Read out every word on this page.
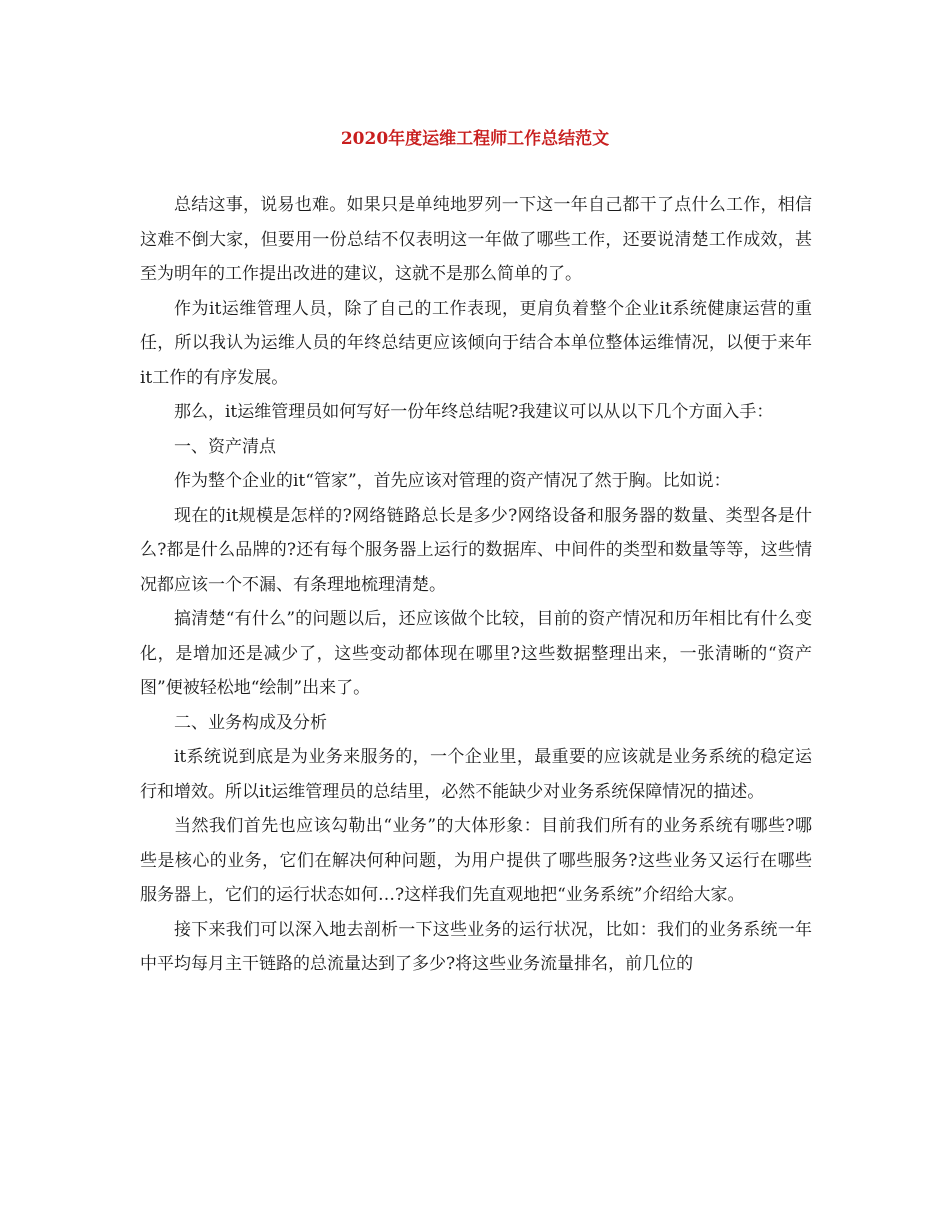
2020年度运维工程师工作总结范文

总结这事，说易也难。如果只是单纯地罗列一下这一年自己都干了点什么工作，相信这难不倒大家，但要用一份总结不仅表明这一年做了哪些工作，还要说清楚工作成效，甚至为明年的工作提出改进的建议，这就不是那么简单的了。

作为it运维管理人员，除了自己的工作表现，更肩负着整个企业it系统健康运营的重任，所以我认为运维人员的年终总结更应该倾向于结合本单位整体运维情况，以便于来年it工作的有序发展。

那么，it运维管理员如何写好一份年终总结呢?我建议可以从以下几个方面入手：

一、资产清点

作为整个企业的it“管家”，首先应该对管理的资产情况了然于胸。比如说：

现在的it规模是怎样的?网络链路总长是多少?网络设备和服务器的数量、类型各是什么?都是什么品牌的?还有每个服务器上运行的数据库、中间件的类型和数量等等，这些情况都应该一个不漏、有条理地梳理清楚。

搞清楚“有什么”的问题以后，还应该做个比较，目前的资产情况和历年相比有什么变化，是增加还是减少了，这些变动都体现在哪里?这些数据整理出来，一张清晰的“资产图”便被轻松地“绘制”出来了。

二、业务构成及分析

it系统说到底是为业务来服务的，一个企业里，最重要的应该就是业务系统的稳定运行和增效。所以it运维管理员的总结里，必然不能缺少对业务系统保障情况的描述。

当然我们首先也应该勾勒出“业务”的大体形象：目前我们所有的业务系统有哪些?哪些是核心的业务，它们在解决何种问题，为用户提供了哪些服务?这些业务又运行在哪些服务器上，它们的运行状态如何…?这样我们先直观地把“业务系统”介绍给大家。

接下来我们可以深入地去剖析一下这些业务的运行状况，比如：我们的业务系统一年中平均每月主干链路的总流量达到了多少?将这些业务流量排名，前几位的
